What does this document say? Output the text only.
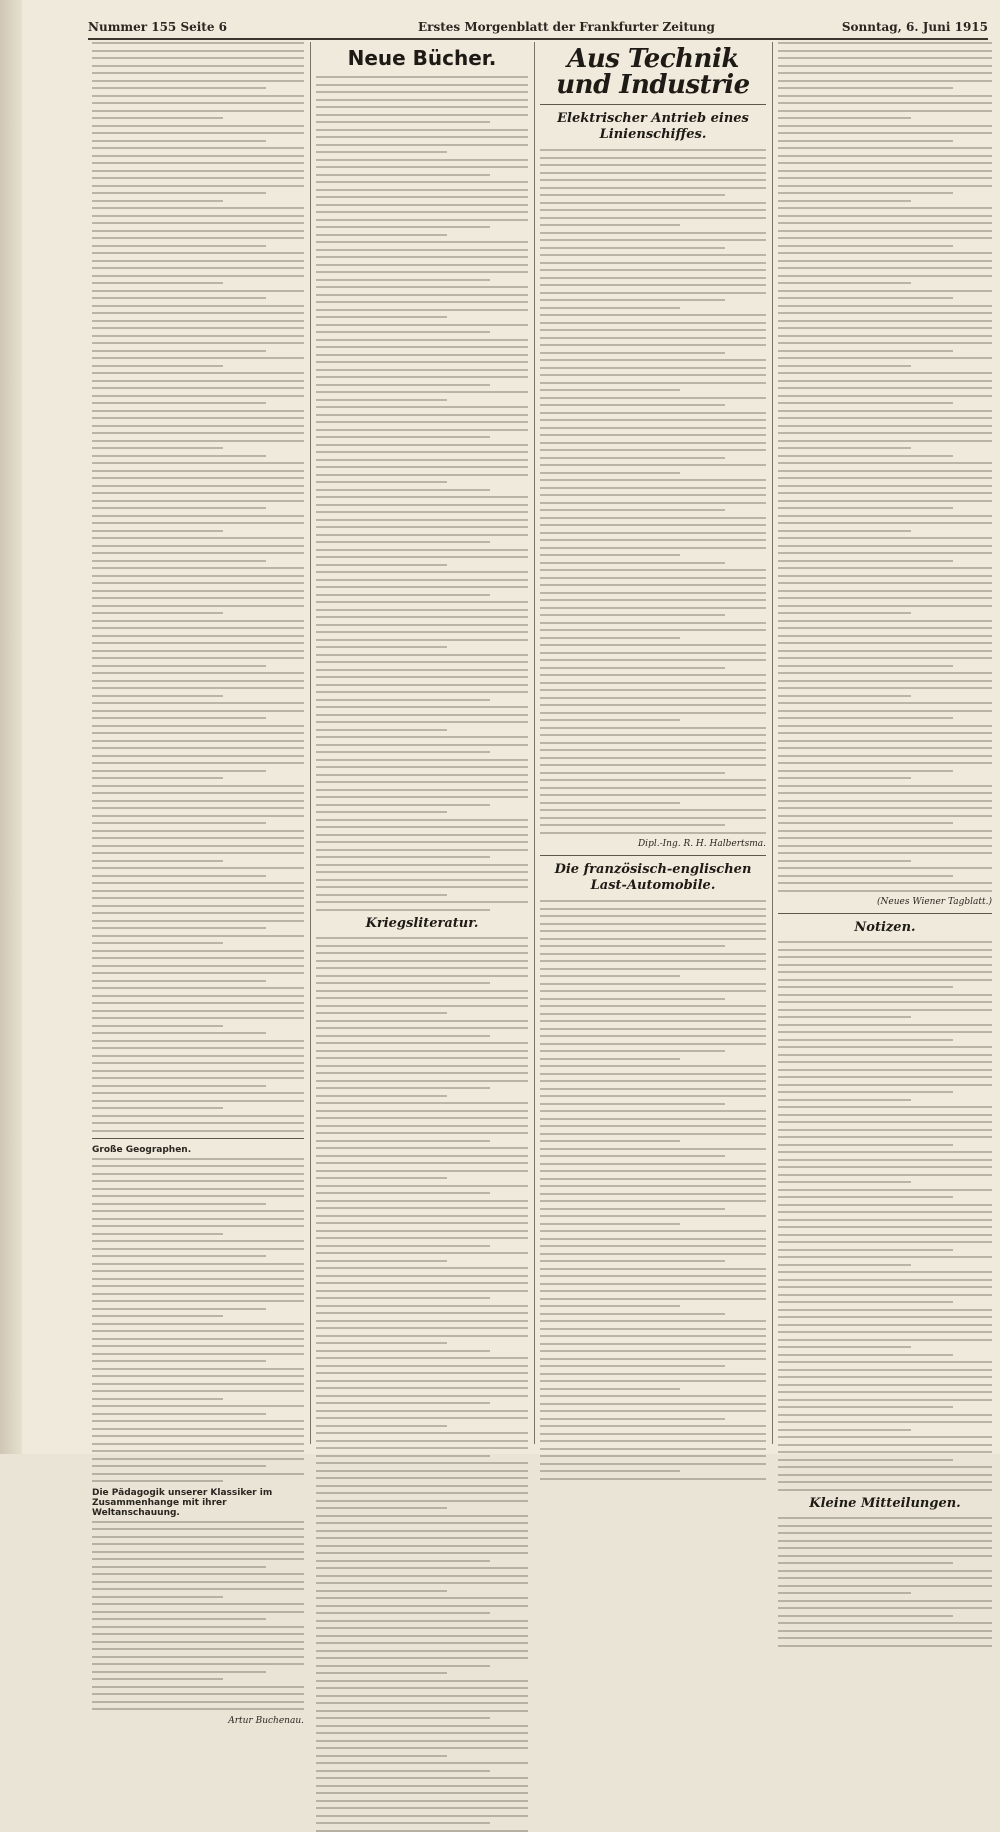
Nummer 155 Seite 6	Erstes Morgenblatt der Frankfurter Zeitung	Sonntag, 6. Juni 1915
Große Geographen.
Die Pädagogik unserer Klassiker im Zusammenhange mit ihrer Weltanschauung.
Artur Buchenau.
Neue Bücher.
Kriegsliteratur.
Aus Technik und Industrie
Elektrischer Antrieb eines Linienschiffes.
Dipl.-Ing. R. H. Halbertsma.
Die französisch-englischen Last-Automobile.
(Neues Wiener Tagblatt.)
Notizen.
Kleine Mitteilungen.
